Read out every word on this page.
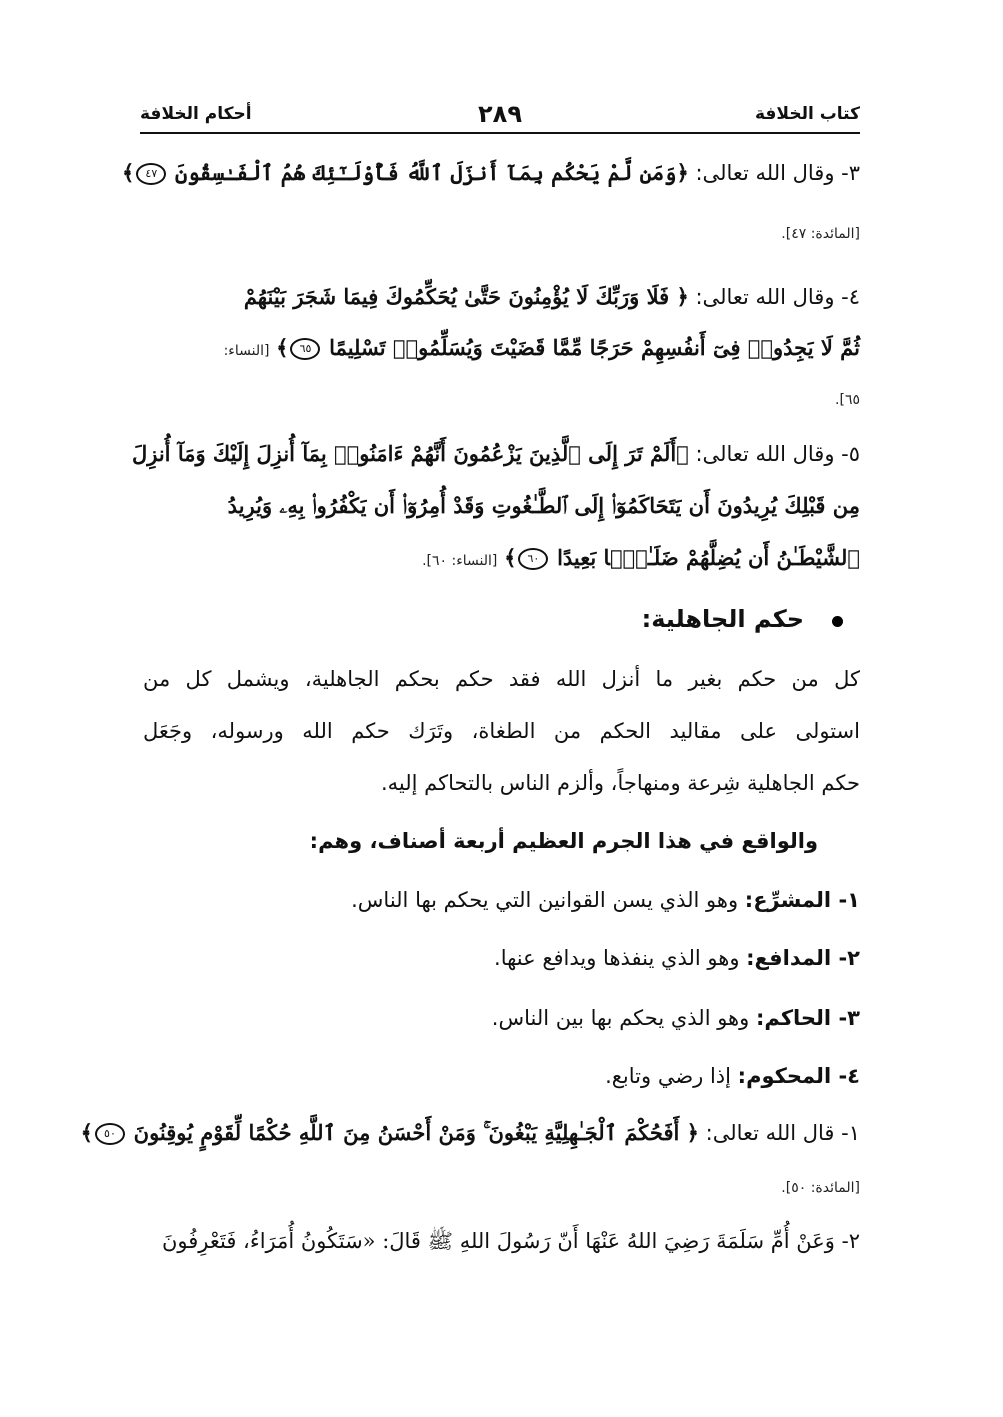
كتاب الخلافة
٢٨٩
أحكام الخلافة
٣- وقال الله تعالى: ﴿وَمَن لَّمْ يَحْكُم بِمَآ أَنزَلَ ٱللَّهُ فَأُوْلَـٰٓئِكَ هُمُ ٱلْفَـٰسِقُونَ ٤٧﴾
[المائدة: ٤٧].
٤- وقال الله تعالى: ﴿ فَلَا وَرَبِّكَ لَا يُؤْمِنُونَ حَتَّىٰ يُحَكِّمُوكَ فِيمَا شَجَرَ بَيْنَهُمْ
ثُمَّ لَا يَجِدُوا۟ فِىٓ أَنفُسِهِمْ حَرَجًا مِّمَّا قَضَيْتَ وَيُسَلِّمُوا۟ تَسْلِيمًا ٦٥﴾ [النساء:
٦٥].
٥- وقال الله تعالى: ﴿أَلَمْ تَرَ إِلَى ٱلَّذِينَ يَزْعُمُونَ أَنَّهُمْ ءَامَنُوا۟ بِمَآ أُنزِلَ إِلَيْكَ وَمَآ أُنزِلَ
مِن قَبْلِكَ يُرِيدُونَ أَن يَتَحَاكَمُوٓا۟ إِلَى ٱلطَّـٰغُوتِ وَقَدْ أُمِرُوٓا۟ أَن يَكْفُرُوا۟ بِهِۦ وَيُرِيدُ
ٱلشَّيْطَـٰنُ أَن يُضِلَّهُمْ ضَلَـٰلًۢا بَعِيدًا ٦٠﴾ [النساء: ٦٠].
حكم الجاهلية:
كل من حكم بغير ما أنزل الله فقد حكم بحكم الجاهلية، ويشمل كل من
استولى على مقاليد الحكم من الطغاة، وتَرَك حكم الله ورسوله، وجَعَل
حكم الجاهلية شِرعة ومنهاجاً، وألزم الناس بالتحاكم إليه.
والواقع في هذا الجرم العظيم أربعة أصناف، وهم:
١- المشرِّع: وهو الذي يسن القوانين التي يحكم بها الناس.
٢- المدافع: وهو الذي ينفذها ويدافع عنها.
٣- الحاكم: وهو الذي يحكم بها بين الناس.
٤- المحكوم: إذا رضي وتابع.
١- قال الله تعالى: ﴿ أَفَحُكْمَ ٱلْجَـٰهِلِيَّةِ يَبْغُونَ ۚ وَمَنْ أَحْسَنُ مِنَ ٱللَّهِ حُكْمًا لِّقَوْمٍ يُوقِنُونَ ٥٠﴾
[المائدة: ٥٠].
٢- وَعَنْ أُمِّ سَلَمَةَ رَضِيَ اللهُ عَنْهَا أَنّ رَسُولَ اللهِ ﷺ قَالَ: «سَتَكُونُ أُمَرَاءُ، فَتَعْرِفُونَ
